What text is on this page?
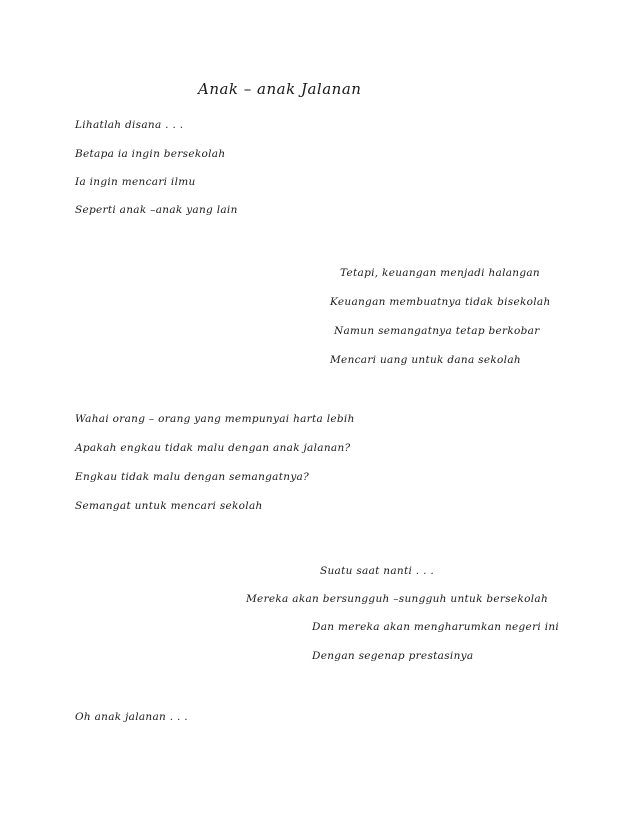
Anak – anak Jalanan
Lihatlah disana . . .
Betapa ia ingin bersekolah
Ia ingin mencari ilmu
Seperti anak –anak yang lain
Tetapi, keuangan menjadi halangan
Keuangan membuatnya tidak bisekolah
Namun semangatnya tetap berkobar
Mencari uang untuk dana sekolah
Wahai orang – orang yang mempunyai harta lebih
Apakah engkau tidak malu dengan anak jalanan?
Engkau tidak malu dengan semangatnya?
Semangat untuk mencari sekolah
Suatu saat nanti . . .
Mereka akan bersungguh –sungguh untuk bersekolah
Dan mereka akan mengharumkan negeri ini
Dengan segenap prestasinya
Oh anak jalanan . . .
